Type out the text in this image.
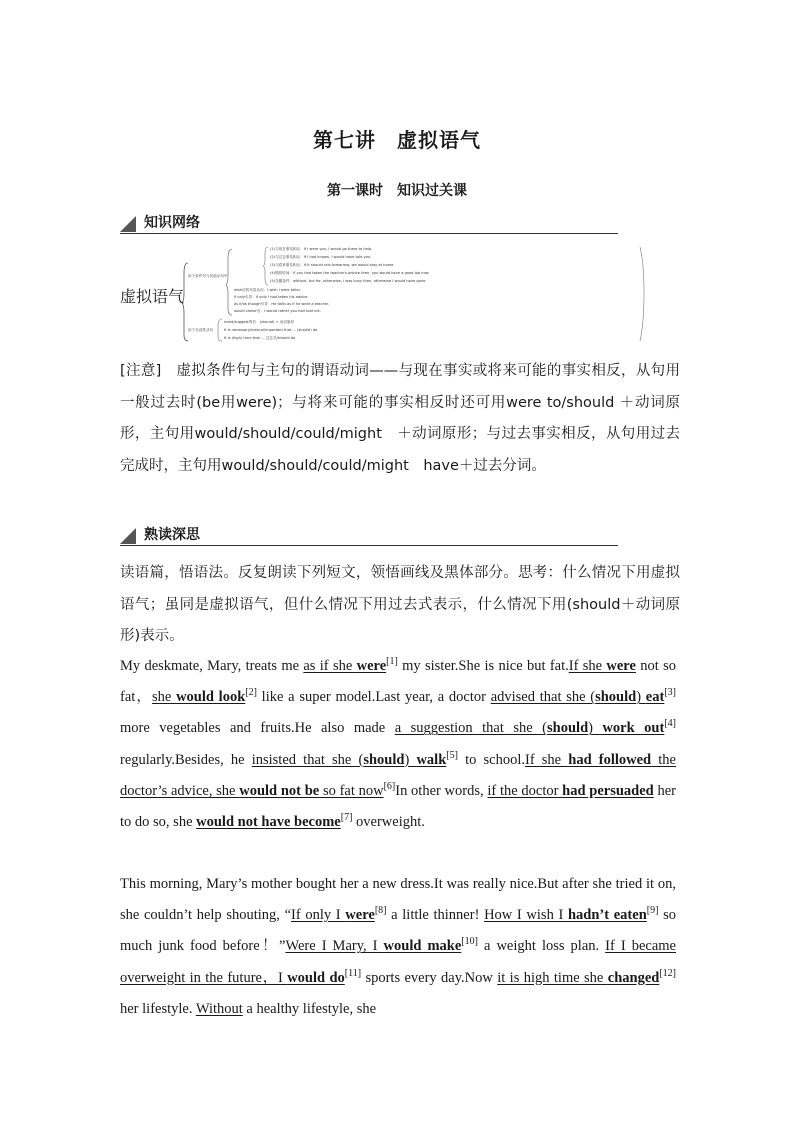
第七讲　虚拟语气
第一课时　知识过关课
知识网络
虚拟语气
用于条件句与其他从句中
用于名词性从句
(1)与现在事实相反：If I were you, I would go there to help.
(2)与过去事实相反：If I had known, I would have told you.
(3)与将来事实相反：If it should rain tomorrow, we would stay at home.
(4)错综时间：If you had taken the teacher's advice then, you would have a good job now.
(5)含蓄条件：without, but for, otherwise, I was busy then, otherwise I would have gone.
wish后的宾语从句：I wish I were taller.
if only引导：If only I had taken his advice.
as if/as though引导：He talks as if he were a teacher.
would rather后：I would rather you had told me.
insist/suggest等后：(should) + 动词原形
It is necessary/natural/important that ... (should) do
It is (high) time that ... 过去式/should do
[注意]　虚拟条件句与主句的谓语动词——与现在事实或将来可能的事实相反，从句用一般过去时(be用were)；与将来可能的事实相反时还可用were to/should ＋动词原形，主句用would/should/could/might　＋动词原形；与过去事实相反，从句用过去完成时，主句用would/should/could/might　have＋过去分词。
熟读深思
读语篇，悟语法。反复朗读下列短文，领悟画线及黑体部分。思考：什么情况下用虚拟语气；虽同是虚拟语气，但什么情况下用过去式表示，什么情况下用(should＋动词原形)表示。
My deskmate, Mary, treats me as if she were[1] my sister.She is nice but fat.If she were not so fat，she would look[2] like a super model.Last year, a doctor advised that she (should) eat[3] more vegetables and fruits.He also made a suggestion that she (should) work out[4] regularly.Besides, he insisted that she (should) walk[5] to school.If she had followed the doctor’s advice, she would not be so fat now[6]In other words, if the doctor had persuaded her to do so, she would not have become[7] overweight.
This morning, Mary’s mother bought her a new dress.It was really nice.But after she tried it on, she couldn’t help shouting, “If only I were[8] a little thinner! How I wish I hadn’t eaten[9] so much junk food before！”Were I Mary, I would make[10] a weight loss plan. If I became overweight in the future，I would do[11] sports every day.Now it is high time she changed[12] her lifestyle. Without a healthy lifestyle, she
